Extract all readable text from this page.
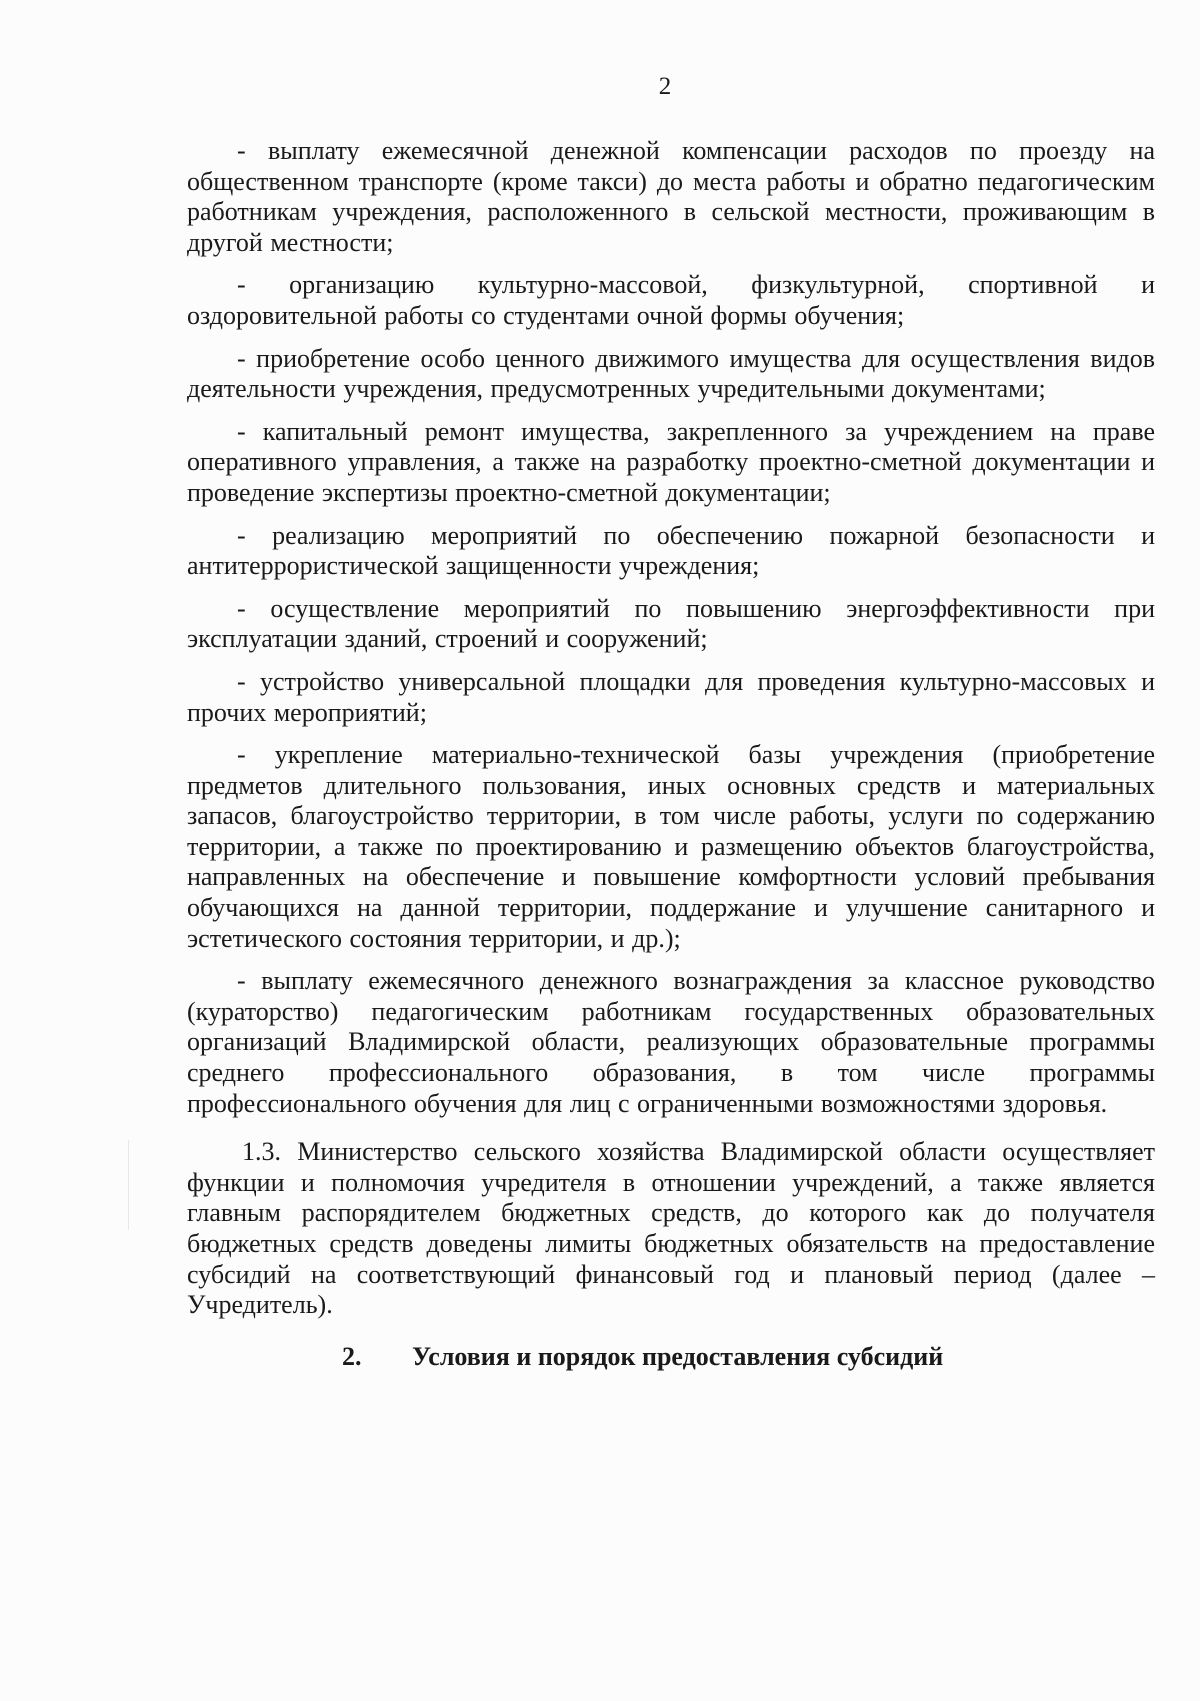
2

- выплату ежемесячной денежной компенсации расходов по проезду на общественном транспорте (кроме такси) до места работы и обратно педагогическим работникам учреждения, расположенного в сельской местности, проживающим в другой местности;

- организацию культурно-массовой, физкультурной, спортивной и оздоровительной работы со студентами очной формы обучения;

- приобретение особо ценного движимого имущества для осуществления видов деятельности учреждения, предусмотренных учредительными документами;

- капитальный ремонт имущества, закрепленного за учреждением на праве оперативного управления, а также на разработку проектно-сметной документации и проведение экспертизы проектно-сметной документации;

- реализацию мероприятий по обеспечению пожарной безопасности и антитеррористической защищенности учреждения;

- осуществление мероприятий по повышению энергоэффективности при эксплуатации зданий, строений и сооружений;

- устройство универсальной площадки для проведения культурно-массовых и прочих мероприятий;

- укрепление материально-технической базы учреждения (приобретение предметов длительного пользования, иных основных средств и материальных запасов, благоустройство территории, в том числе работы, услуги по содержанию территории, а также по проектированию и размещению объектов благоустройства, направленных на обеспечение и повышение комфортности условий пребывания обучающихся на данной территории, поддержание и улучшение санитарного и эстетического состояния территории, и др.);

- выплату ежемесячного денежного вознаграждения за классное руководство (кураторство) педагогическим работникам государственных образовательных организаций Владимирской области, реализующих образовательные программы среднего профессионального образования, в том числе программы профессионального обучения для лиц с ограниченными возможностями здоровья.

1.3. Министерство сельского хозяйства Владимирской области осуществляет функции и полномочия учредителя в отношении учреждений, а также является главным распорядителем бюджетных средств, до которого как до получателя бюджетных средств доведены лимиты бюджетных обязательств на предоставление субсидий на соответствующий финансовый год и плановый период (далее – Учредитель).

2. Условия и порядок предоставления субсидий
